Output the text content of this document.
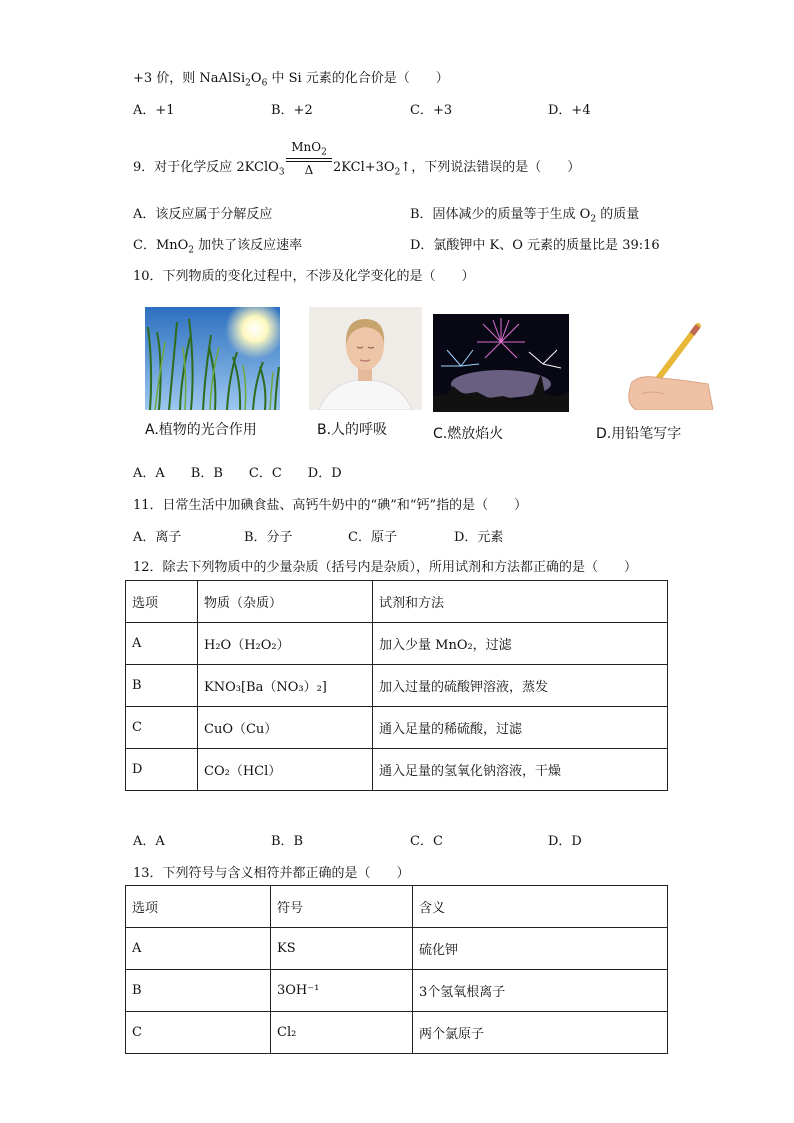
+3 价，则 $NaAlSi_2O_6$ 中 Si 元素的化合价是（　　）
A．+1	B．+2	C．+3	D．+4
9．对于化学反应 2KClO$_3$
MnO$_2$
Δ	$2KCl+3O_2↑$，下列说法错误的是（　　）
A．该反应属于分解反应	B．固体减少的质量等于生成 $O_2$ 的质量
C．MnO$_2$ 加快了该反应速率	D．氯酸钾中 K、O 元素的质量比是 39:16
10．下列物质的变化过程中，不涉及化学变化的是（　　）
A.植物的光合作用	B.人的呼吸	C.燃放焰火	D.用铅笔写字
A．A　　B．B　　C．C　　D．D
11．日常生活中加碘食盐、高钙牛奶中的“碘”和“钙”指的是（　　）
A．离子	B．分子	C．原子	D．元素
12．除去下列物质中的少量杂质（括号内是杂质），所用试剂和方法都正确的是（　　）
选项	物质（杂质）	试剂和方法
A	H₂O（H₂O₂）	加入少量 MnO₂，过滤
B	KNO₃[Ba（NO₃）₂]	加入过量的硫酸钾溶液，蒸发
C	CuO（Cu）	通入足量的稀硫酸，过滤
D	CO₂（HCl）	通入足量的氢氧化钠溶液，干燥
A．A	B．B	C．C	D．D
13．下列符号与含义相符并都正确的是（　　）
选项	符号	含义
A	KS	硫化钾
B	3OH⁻¹	3个氢氧根离子
C	Cl₂	两个氯原子
